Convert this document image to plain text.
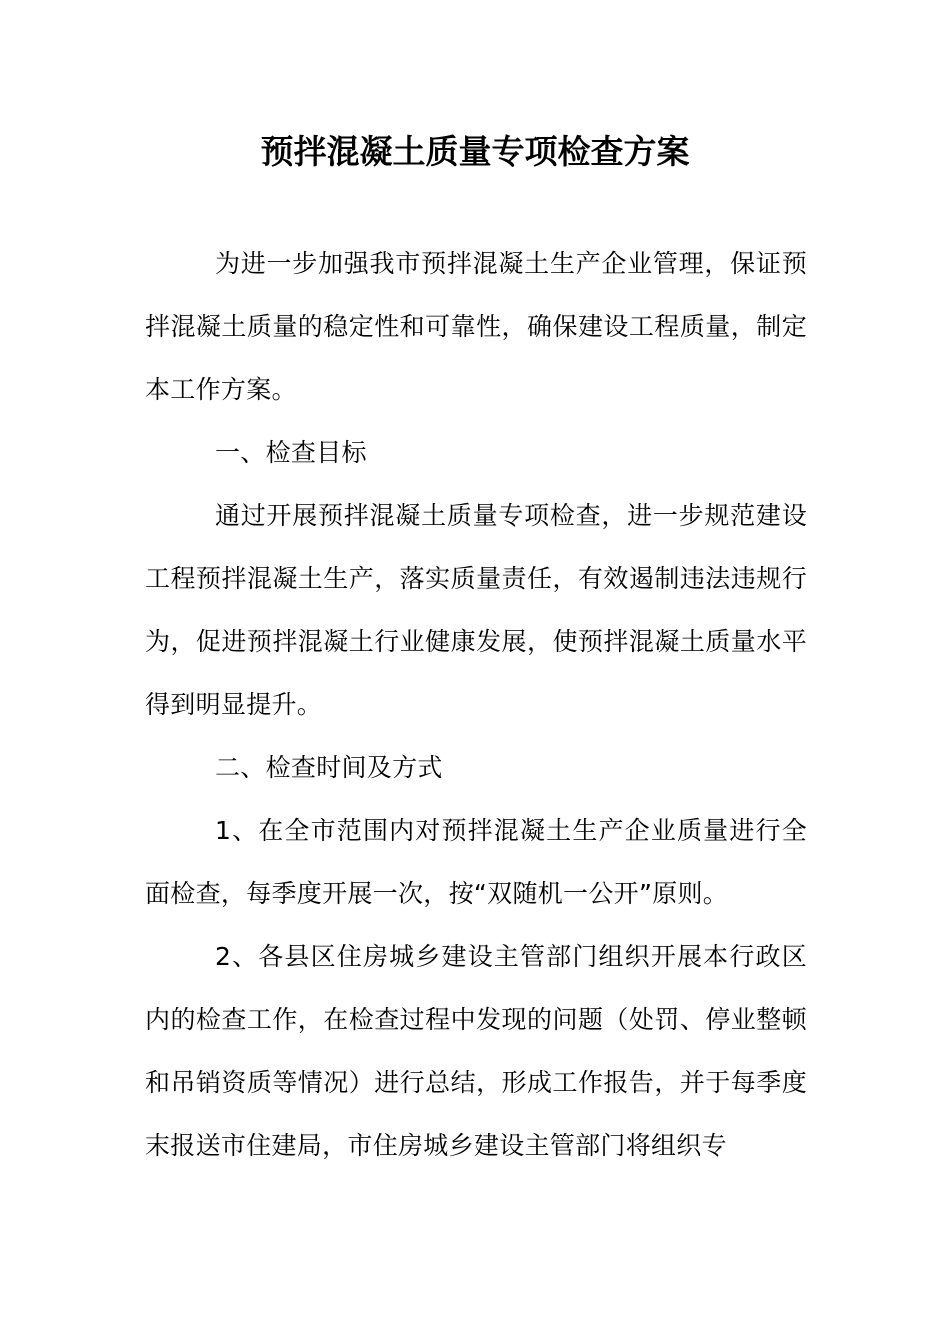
预拌混凝土质量专项检查方案

为进一步加强我市预拌混凝土生产企业管理，保证预拌混凝土质量的稳定性和可靠性，确保建设工程质量，制定本工作方案。

一、检查目标

通过开展预拌混凝土质量专项检查，进一步规范建设工程预拌混凝土生产，落实质量责任，有效遏制违法违规行为，促进预拌混凝土行业健康发展，使预拌混凝土质量水平得到明显提升。

二、检查时间及方式

1、在全市范围内对预拌混凝土生产企业质量进行全面检查，每季度开展一次，按“双随机一公开”原则。

2、各县区住房城乡建设主管部门组织开展本行政区内的检查工作，在检查过程中发现的问题（处罚、停业整顿和吊销资质等情况）进行总结，形成工作报告，并于每季度末报送市住建局，市住房城乡建设主管部门将组织专
